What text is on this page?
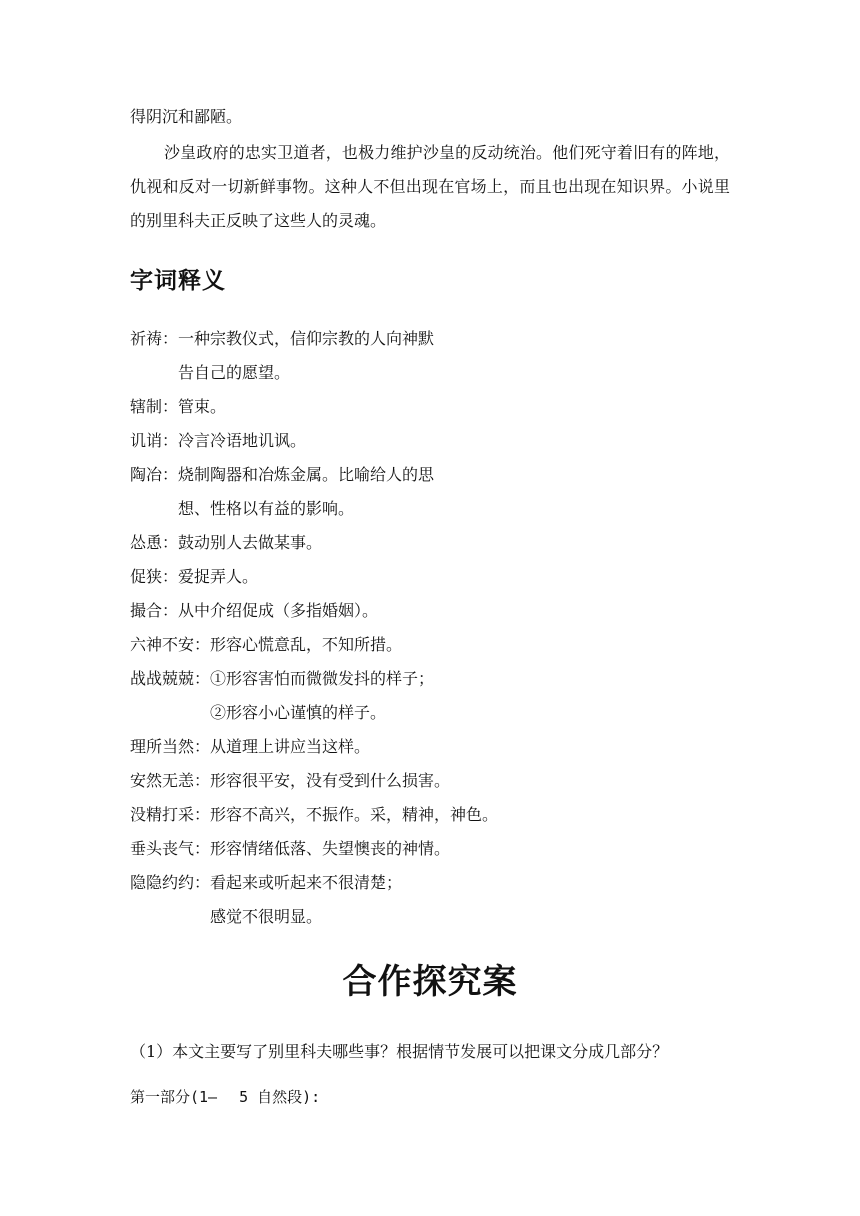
得阴沉和鄙陋。

沙皇政府的忠实卫道者，也极力维护沙皇的反动统治。他们死守着旧有的阵地，仇视和反对一切新鲜事物。这种人不但出现在官场上，而且也出现在知识界。小说里的别里科夫正反映了这些人的灵魂。

字词释义
祈祷： 一种宗教仪式，信仰宗教的人向神默
告自己的愿望。
辖制： 管束。
讥诮： 冷言冷语地讥讽。
陶冶： 烧制陶器和冶炼金属。比喻给人的思
想、性格以有益的影响。
怂恿： 鼓动别人去做某事。
促狭： 爱捉弄人。
撮合： 从中介绍促成（多指婚姻）。
六神不安： 形容心慌意乱，不知所措。
战战兢兢： ①形容害怕而微微发抖的样子；
②形容小心谨慎的样子。
理所当然： 从道理上讲应当这样。
安然无恙： 形容很平安，没有受到什么损害。
没精打采： 形容不高兴，不振作。采，精神，神色。
垂头丧气： 形容情绪低落、失望懊丧的神情。
隐隐约约： 看起来或听起来不很清楚；
感觉不很明显。
合作探究案

（1）本文主要写了别里科夫哪些事？根据情节发展可以把课文分成几部分？

第一部分(1— 5 自然段):
